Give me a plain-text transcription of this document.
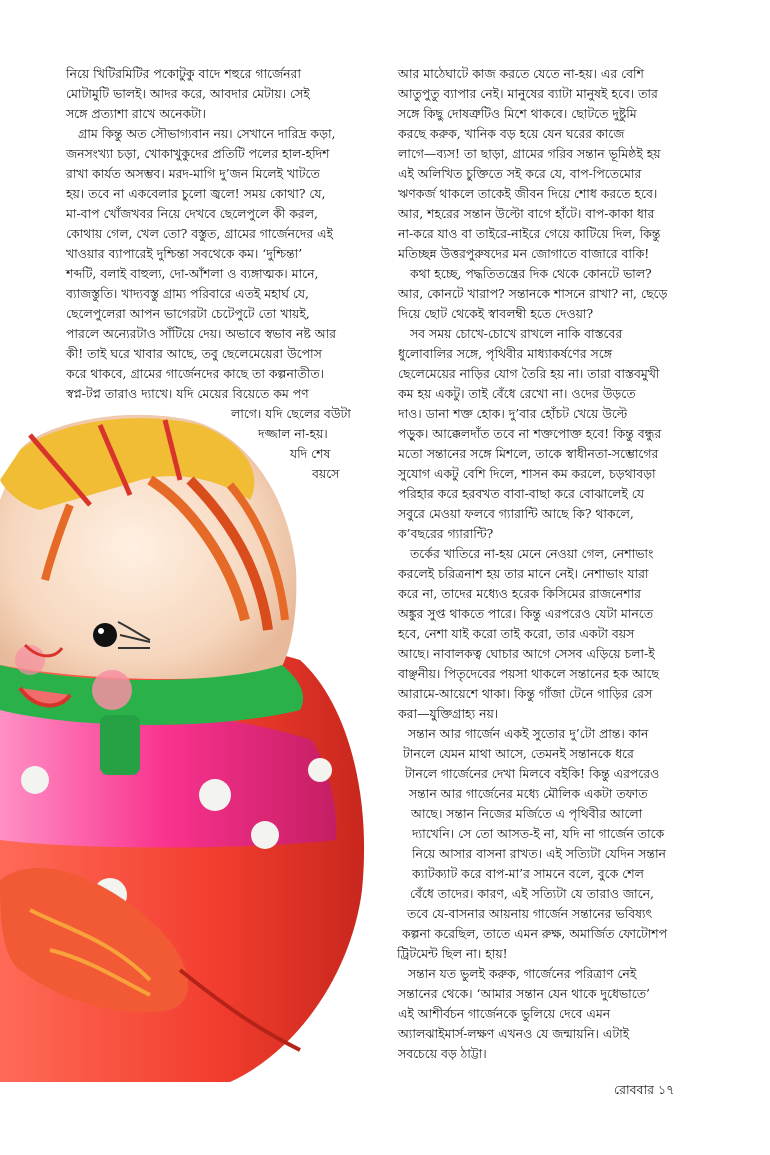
নিয়ে খিটিরমিটির পকোটুকু বাদে শহুরে গার্জেনরা
মোটামুটি ভালই। আদর করে, আবদার মেটায়। সেই
সঙ্গে প্রত্যাশা রাখে অনেকটা।
গ্রাম কিন্তু অত সৌভাগ্যবান নয়। সেখানে দারিদ্র কড়া,
জনসংখ্যা চড়া, খোকাখুকুদের প্রতিটি পলের হাল-হদিশ
রাখা কার্যত অসম্ভব। মরদ-মাগি দু’জন মিলেই খাটতে
হয়। তবে না একবেলার চুলো জ্বলে! সময় কোথা? যে,
মা-বাপ খোঁজখবর নিয়ে দেখবে ছেলেপুলে কী করল,
কোথায় গেল, খেল তো? বস্তুত, গ্রামের গার্জেনদের এই
খাওয়ার ব্যাপারেই দুশ্চিন্তা সবথেকে কম। ‘দুশ্চিন্তা’
শব্দটি, বলাই বাহুল্য, দো-আঁশলা ও ব্যঙ্গাত্মক। মানে,
ব্যাজস্তুতি। খাদ্যবস্তু গ্রাম্য পরিবারে এতই মহার্ঘ যে,
ছেলেপুলেরা আপন ভাগেরটা চেটেপুটে তো খায়ই,
পারলে অন্যেরটাও সাঁটিয়ে দেয়। অভাবে স্বভাব নষ্ট আর
কী! তাই ঘরে খাবার আছে, তবু ছেলেমেয়েরা উপোস
করে থাকবে, গ্রামের গার্জেনদের কাছে তা কল্পনাতীত।
স্বপ্ন-টপ্ন তারাও দ্যাখে। যদি মেয়ের বিয়েতে কম পণ
লাগে। যদি ছেলের বউটা
দজ্জাল না-হয়।
যদি শেষ
বয়সে
আর মাঠেঘাটে কাজ করতে যেতে না-হয়। এর বেশি
আতুপুতু ব্যাপার নেই। মানুষের ব্যাটা মানুষই হবে। তার
সঙ্গে কিছু দোষত্রুটিও মিশে থাকবে। ছোটতে দুষ্টুমি
করছে করুক, খানিক বড় হয়ে যেন ঘরের কাজে
লাগে—ব্যস! তা ছাড়া, গ্রামের গরিব সন্তান ভূমিষ্ঠই হয়
এই অলিখিত চুক্তিতে সই করে যে, বাপ-পিতেমোর
ঋণকর্জ থাকলে তাকেই জীবন দিয়ে শোধ করতে হবে।
আর, শহরের সন্তান উল্টো বাগে হাঁটে। বাপ-কাকা ধার
না-করে যাও বা তাইরে-নাইরে গেয়ে কাটিয়ে দিল, কিন্তু
মতিচ্ছন্ন উত্তরপুরুষদের মন জোগাতে বাজারে বাকি!
কথা হচ্ছে, পদ্ধতিতন্ত্রের দিক থেকে কোনটে ভাল?
আর, কোনটে খারাপ? সন্তানকে শাসনে রাখা? না, ছেড়ে
দিয়ে ছোট থেকেই স্বাবলম্বী হতে দেওয়া?
সব সময় চোখে-চোখে রাখলে নাকি বাস্তবের
ধুলোবালির সঙ্গে, পৃথিবীর মাধ্যাকর্ষণের সঙ্গে
ছেলেমেয়ের নাড়ির যোগ তৈরি হয় না। তারা বাস্তবমুখী
কম হয় একটু। তাই বেঁধে রেখো না। ওদের উড়তে
দাও। ডানা শক্ত হোক। দু’বার হোঁচট খেয়ে উল্টে
পড়ুক। আক্কেলদাঁত তবে না শক্তপোক্ত হবে! কিন্তু বন্ধুর
মতো সন্তানের সঙ্গে মিশলে, তাকে স্বাধীনতা-সম্ভোগের
সুযোগ একটু বেশি দিলে, শাসন কম করলে, চড়থাবড়া
পরিহার করে হরবখত বাবা-বাছা করে বোঝালেই যে
সবুরে মেওয়া ফলবে গ্যারান্টি আছে কি? থাকলে,
ক’বছরের গ্যারান্টি?
তর্কের খাতিরে না-হয় মেনে নেওয়া গেল, নেশাভাং
করলেই চরিত্রনাশ হয় তার মানে নেই। নেশাভাং যারা
করে না, তাদের মধ্যেও হরেক কিসিমের রাজনেশার
অঙ্কুর সুপ্ত থাকতে পারে। কিন্তু এরপরেও যেটা মানতে
হবে, নেশা যাই করো তাই করো, তার একটা বয়স
আছে। নাবালকত্ব ঘোচার আগে সেসব এড়িয়ে চলা-ই
বাঞ্ছনীয়। পিতৃদেবের পয়সা থাকলে সন্তানের হক আছে
আরামে-আয়েশে থাকা। কিন্তু গাঁজা টেনে গাড়ির রেস
করা—যুক্তিগ্রাহ্য নয়।
সন্তান আর গার্জেন একই সুতোর দু’টো প্রান্ত। কান
টানলে যেমন মাথা আসে, তেমনই সন্তানকে ধরে
টানলে গার্জেনের দেখা মিলবে বইকি! কিন্তু এরপরেও
সন্তান আর গার্জেনের মধ্যে মৌলিক একটা তফাত
আছে। সন্তান নিজের মর্জিতে এ পৃথিবীর আলো
দ্যাখেনি। সে তো আসত-ই না, যদি না গার্জেন তাকে
নিয়ে আসার বাসনা রাখত। এই সত্যিটা যেদিন সন্তান
ক্যাটক্যাট করে বাপ-মা’র সামনে বলে, বুকে শেল
বেঁধে তাদের। কারণ, এই সত্যিটা যে তারাও জানে,
তবে যে-বাসনার আয়নায় গার্জেন সন্তানের ভবিষ্যৎ
কল্পনা করেছিল, তাতে এমন রুক্ষ, অমার্জিত ফোটোশপ
ট্রিটমেন্ট ছিল না। হায়!
সন্তান যত ভুলই করুক, গার্জেনের পরিত্রাণ নেই
সন্তানের থেকে। ‘আমার সন্তান যেন থাকে দুধেভাতে’
এই আশীর্বচন গার্জেনকে ভুলিয়ে দেবে এমন
অ্যালঝাইমার্স-লক্ষণ এখনও যে জন্মায়নি। এটাই
সবচেয়ে বড় ঠাট্টা।
রোববার ১৭
